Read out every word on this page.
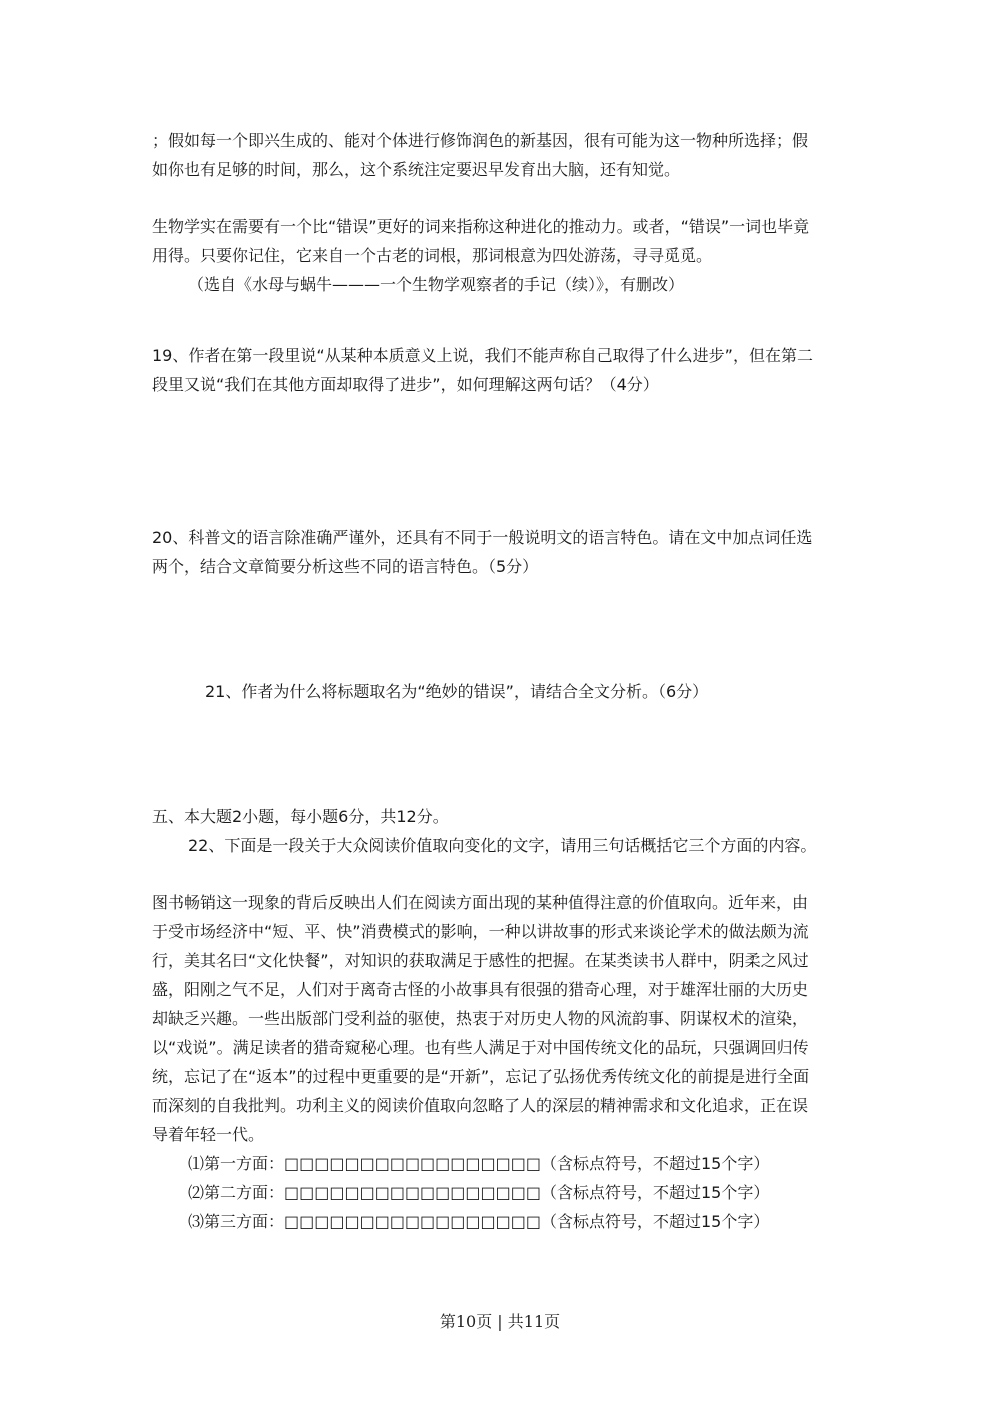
；假如每一个即兴生成的、能对个体进行修饰润色的新基因，很有可能为这一物种所选择；假

如你也有足够的时间，那么，这个系统注定要迟早发育出大脑，还有知觉。

生物学实在需要有一个比“错误”更好的词来指称这种进化的推动力。或者，“错误”一词也毕竟

用得。只要你记住，它来自一个古老的词根，那词根意为四处游荡，寻寻觅觅。

（选自《水母与蜗牛———一个生物学观察者的手记（续）》，有删改）

19、作者在第一段里说“从某种本质意义上说，我们不能声称自己取得了什么进步”，但在第二

段里又说“我们在其他方面却取得了进步”，如何理解这两句话？（4分）

20、科普文的语言除准确严谨外，还具有不同于一般说明文的语言特色。请在文中加点词任选

两个，结合文章简要分析这些不同的语言特色。（5分）

21、作者为什么将标题取名为“绝妙的错误”，请结合全文分析。（6分）

五、本大题2小题，每小题6分，共12分。

22、下面是一段关于大众阅读价值取向变化的文字，请用三句话概括它三个方面的内容。

图书畅销这一现象的背后反映出人们在阅读方面出现的某种值得注意的价值取向。近年来，由

于受市场经济中“短、平、快”消费模式的影响，一种以讲故事的形式来谈论学术的做法颇为流

行，美其名曰“文化快餐”，对知识的获取满足于感性的把握。在某类读书人群中，阴柔之风过

盛，阳刚之气不足，人们对于离奇古怪的小故事具有很强的猎奇心理，对于雄浑壮丽的大历史

却缺乏兴趣。一些出版部门受利益的驱使，热衷于对历史人物的风流韵事、阴谋权术的渲染，

以“戏说”。满足读者的猎奇窥秘心理。也有些人满足于对中国传统文化的品玩，只强调回归传

统，忘记了在“返本”的过程中更重要的是“开新”，忘记了弘扬优秀传统文化的前提是进行全面

而深刻的自我批判。功利主义的阅读价值取向忽略了人的深层的精神需求和文化追求，正在误

导着年轻一代。

⑴第一方面：□□□□□□□□□□□□□□□□□（含标点符号，不超过15个字）

⑵第二方面：□□□□□□□□□□□□□□□□□（含标点符号，不超过15个字）

⑶第三方面：□□□□□□□□□□□□□□□□□（含标点符号，不超过15个字）

第10页 | 共11页
